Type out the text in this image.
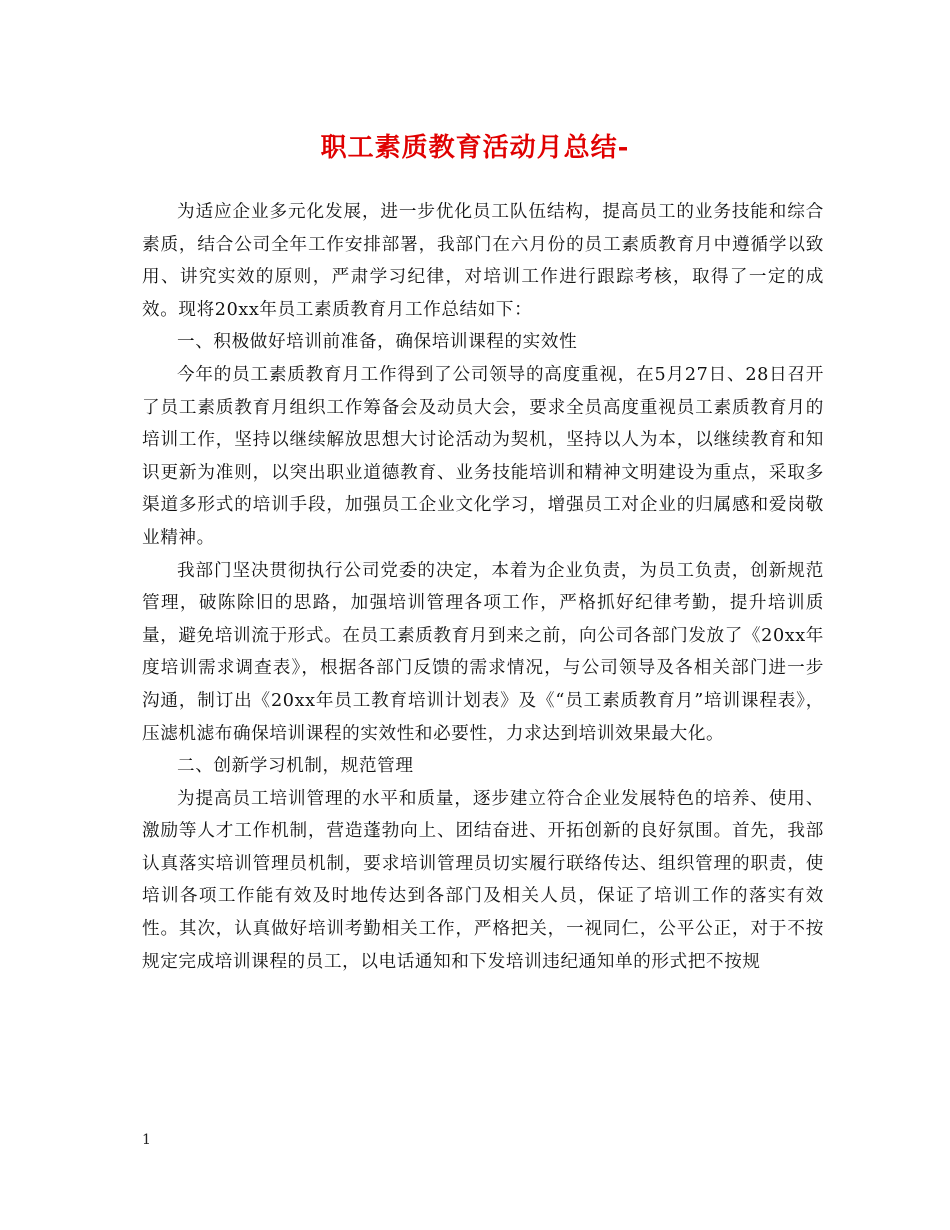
职工素质教育活动月总结-

为适应企业多元化发展，进一步优化员工队伍结构，提高员工的业务技能和综合素质，结合公司全年工作安排部署，我部门在六月份的员工素质教育月中遵循学以致用、讲究实效的原则，严肃学习纪律，对培训工作进行跟踪考核，取得了一定的成效。现将20xx年员工素质教育月工作总结如下：

一、积极做好培训前准备，确保培训课程的实效性

今年的员工素质教育月工作得到了公司领导的高度重视，在5月27日、28日召开了员工素质教育月组织工作筹备会及动员大会，要求全员高度重视员工素质教育月的培训工作，坚持以继续解放思想大讨论活动为契机，坚持以人为本，以继续教育和知识更新为准则，以突出职业道德教育、业务技能培训和精神文明建设为重点，采取多渠道多形式的培训手段，加强员工企业文化学习，增强员工对企业的归属感和爱岗敬业精神。

我部门坚决贯彻执行公司党委的决定，本着为企业负责，为员工负责，创新规范管理，破陈除旧的思路，加强培训管理各项工作，严格抓好纪律考勤，提升培训质量，避免培训流于形式。在员工素质教育月到来之前，向公司各部门发放了《20xx年度培训需求调查表》，根据各部门反馈的需求情况，与公司领导及各相关部门进一步沟通，制订出《20xx年员工教育培训计划表》及《“员工素质教育月”培训课程表》，压滤机滤布确保培训课程的实效性和必要性，力求达到培训效果最大化。

二、创新学习机制，规范管理

为提高员工培训管理的水平和质量，逐步建立符合企业发展特色的培养、使用、激励等人才工作机制，营造蓬勃向上、团结奋进、开拓创新的良好氛围。首先，我部认真落实培训管理员机制，要求培训管理员切实履行联络传达、组织管理的职责，使培训各项工作能有效及时地传达到各部门及相关人员，保证了培训工作的落实有效性。其次，认真做好培训考勤相关工作，严格把关，一视同仁，公平公正，对于不按规定完成培训课程的员工，以电话通知和下发培训违纪通知单的形式把不按规

1
